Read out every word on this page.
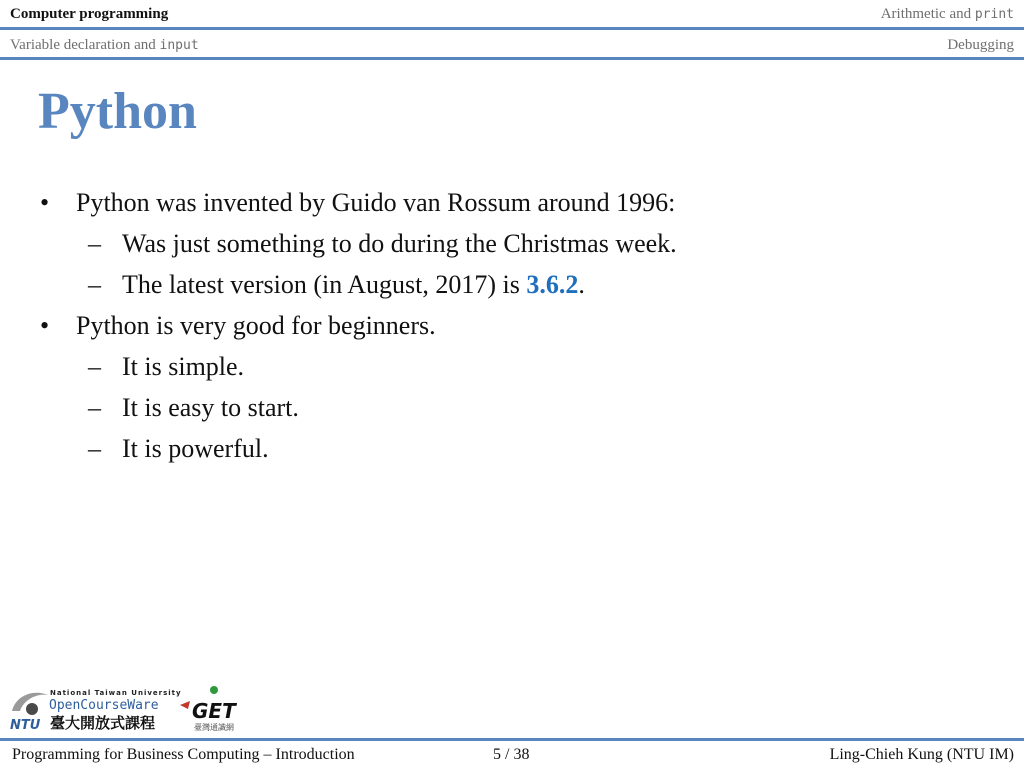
Computer programming	Arithmetic and print
Variable declaration and input	Debugging
Python
• Python was invented by Guido van Rossum around 1996:
– Was just something to do during the Christmas week.
– The latest version (in August, 2017) is 3.6.2.
• Python is very good for beginners.
– It is simple.
– It is easy to start.
– It is powerful.
NTU
National Taiwan University
OpenCourseWare
臺大開放式課程 GET
臺灣通識網
Programming for Business Computing – Introduction	5 / 38	Ling-Chieh Kung (NTU IM)
